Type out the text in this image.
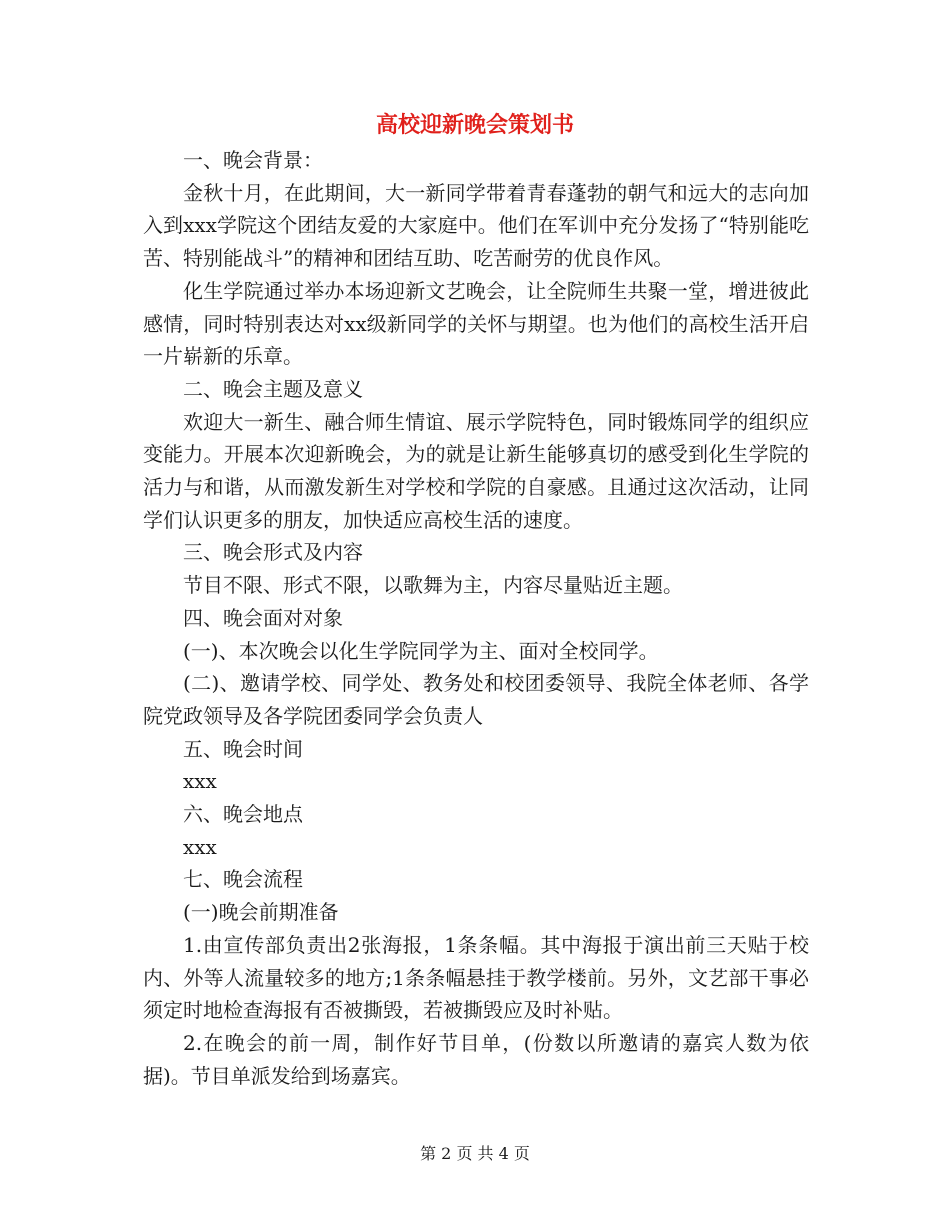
高校迎新晚会策划书

一、晚会背景：

金秋十月，在此期间，大一新同学带着青春蓬勃的朝气和远大的志向加入到xxx学院这个团结友爱的大家庭中。他们在军训中充分发扬了“特别能吃苦、特别能战斗”的精神和团结互助、吃苦耐劳的优良作风。

化生学院通过举办本场迎新文艺晚会，让全院师生共聚一堂，增进彼此感情，同时特别表达对xx级新同学的关怀与期望。也为他们的高校生活开启一片崭新的乐章。

二、晚会主题及意义

欢迎大一新生、融合师生情谊、展示学院特色，同时锻炼同学的组织应变能力。开展本次迎新晚会，为的就是让新生能够真切的感受到化生学院的活力与和谐，从而激发新生对学校和学院的自豪感。且通过这次活动，让同学们认识更多的朋友，加快适应高校生活的速度。

三、晚会形式及内容

节目不限、形式不限，以歌舞为主，内容尽量贴近主题。

四、晚会面对对象

(一)、本次晚会以化生学院同学为主、面对全校同学。

(二)、邀请学校、同学处、教务处和校团委领导、我院全体老师、各学院党政领导及各学院团委同学会负责人

五、晚会时间

xxx

六、晚会地点

xxx

七、晚会流程

(一)晚会前期准备

1.由宣传部负责出2张海报，1条条幅。其中海报于演出前三天贴于校内、外等人流量较多的地方;1条条幅悬挂于教学楼前。另外，文艺部干事必须定时地检查海报有否被撕毁，若被撕毁应及时补贴。

2.在晚会的前一周，制作好节目单，(份数以所邀请的嘉宾人数为依据)。节目单派发给到场嘉宾。

第 2 页 共 4 页
